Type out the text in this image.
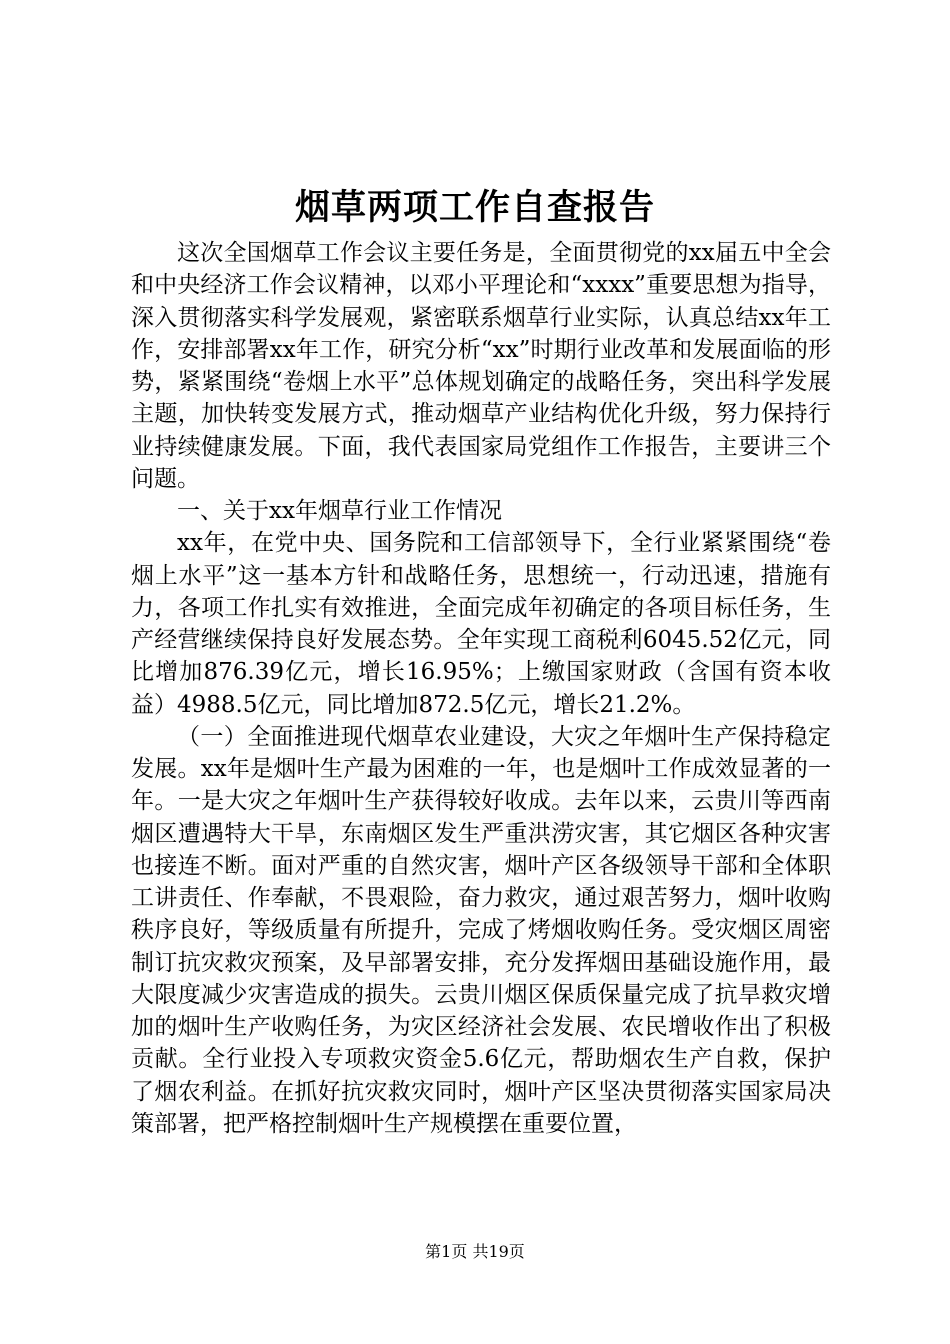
烟草两项工作自查报告

这次全国烟草工作会议主要任务是，全面贯彻党的xx届五中全会和中央经济工作会议精神，以邓小平理论和“xxxx”重要思想为指导，深入贯彻落实科学发展观，紧密联系烟草行业实际，认真总结xx年工作，安排部署xx年工作，研究分析“xx”时期行业改革和发展面临的形势，紧紧围绕“卷烟上水平”总体规划确定的战略任务，突出科学发展主题，加快转变发展方式，推动烟草产业结构优化升级，努力保持行业持续健康发展。下面，我代表国家局党组作工作报告，主要讲三个问题。

一、关于xx年烟草行业工作情况

xx年，在党中央、国务院和工信部领导下，全行业紧紧围绕“卷烟上水平”这一基本方针和战略任务，思想统一，行动迅速，措施有力，各项工作扎实有效推进，全面完成年初确定的各项目标任务，生产经营继续保持良好发展态势。全年实现工商税利6045.52亿元，同比增加876.39亿元，增长16.95%；上缴国家财政（含国有资本收益）4988.5亿元，同比增加872.5亿元，增长21.2%。

（一）全面推进现代烟草农业建设，大灾之年烟叶生产保持稳定发展。xx年是烟叶生产最为困难的一年，也是烟叶工作成效显著的一年。一是大灾之年烟叶生产获得较好收成。去年以来，云贵川等西南烟区遭遇特大干旱，东南烟区发生严重洪涝灾害，其它烟区各种灾害也接连不断。面对严重的自然灾害，烟叶产区各级领导干部和全体职工讲责任、作奉献，不畏艰险，奋力救灾，通过艰苦努力，烟叶收购秩序良好，等级质量有所提升，完成了烤烟收购任务。受灾烟区周密制订抗灾救灾预案，及早部署安排，充分发挥烟田基础设施作用，最大限度减少灾害造成的损失。云贵川烟区保质保量完成了抗旱救灾增加的烟叶生产收购任务，为灾区经济社会发展、农民增收作出了积极贡献。全行业投入专项救灾资金5.6亿元，帮助烟农生产自救，保护了烟农利益。在抓好抗灾救灾同时，烟叶产区坚决贯彻落实国家局决策部署，把严格控制烟叶生产规模摆在重要位置，

第1页 共19页
